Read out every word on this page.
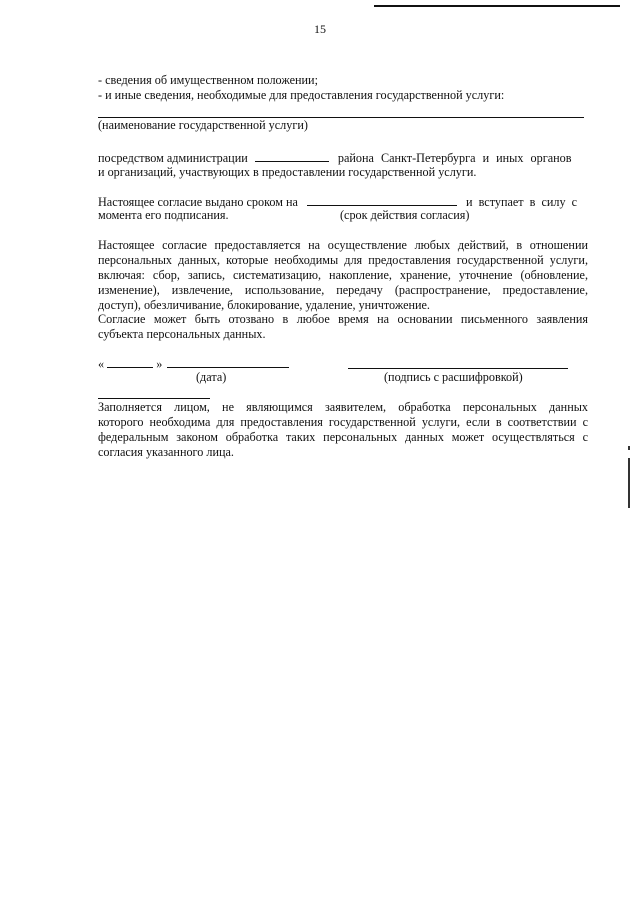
15
- сведения об имущественном положении;
- и иные сведения, необходимые для предоставления государственной услуги:
(наименование государственной услуги)
посредством администрации	района Санкт-Петербурга и иных органов
и организаций, участвующих в предоставлении государственной услуги.
Настоящее согласие выдано сроком на	и вступает в силу с
момента его подписания.	(срок действия согласия)
Настоящее согласие предоставляется на осуществление любых действий, в отношении
персональных данных, которые необходимы для предоставления государственной услуги,
включая: сбор, запись, систематизацию, накопление, хранение, уточнение (обновление,
изменение), извлечение, использование, передачу (распространение, предоставление,
доступ), обезличивание, блокирование, удаление, уничтожение.
Согласие может быть отозвано в любое время на основании письменного заявления
субъекта персональных данных.
«	»
(дата)	(подпись с расшифровкой)
Заполняется лицом, не являющимся заявителем, обработка персональных данных
которого необходима для предоставления государственной услуги, если в соответствии с
федеральным законом обработка таких персональных данных может осуществляться с
согласия указанного лица.
